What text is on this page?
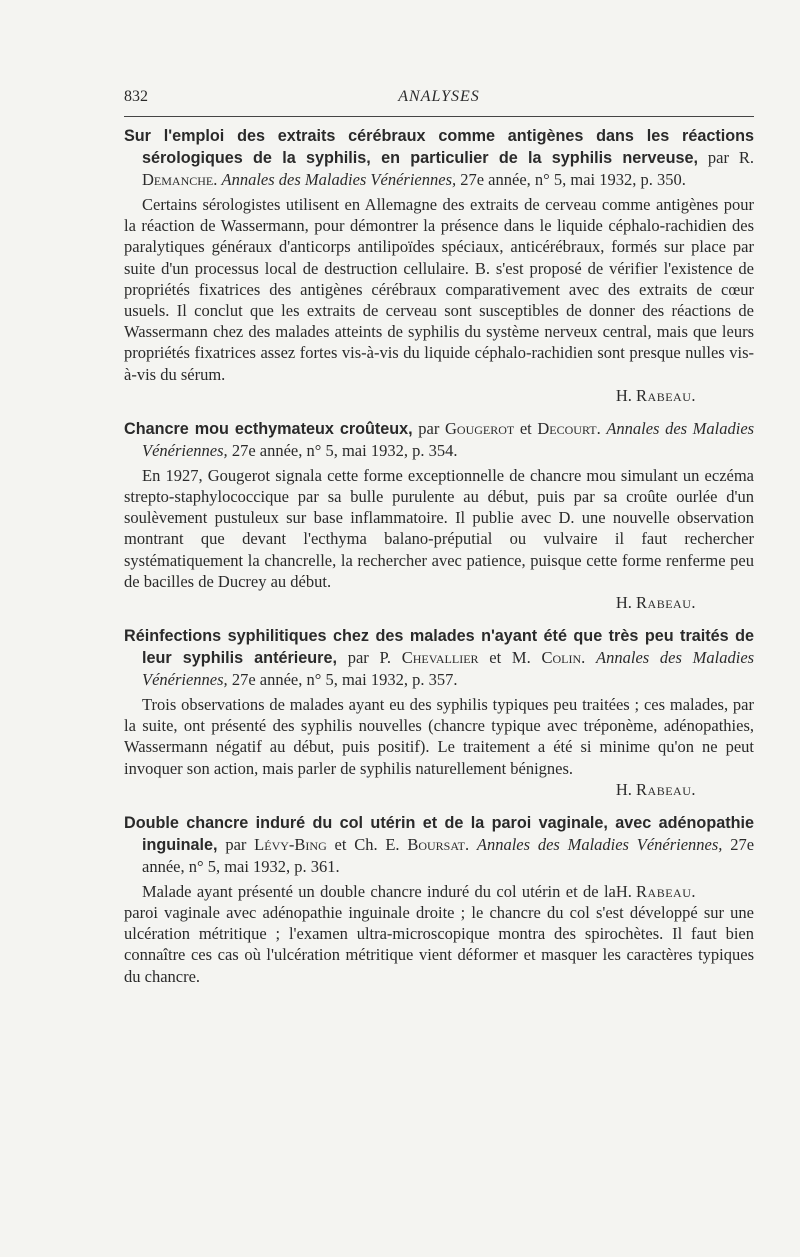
832	ANALYSES
Sur l'emploi des extraits cérébraux comme antigènes dans les réactions sérologiques de la syphilis, en particulier de la syphilis nerveuse, par R. Demanche. Annales des Maladies Vénériennes, 27e année, n° 5, mai 1932, p. 350.
Certains sérologistes utilisent en Allemagne des extraits de cerveau comme antigènes pour la réaction de Wassermann, pour démontrer la présence dans le liquide céphalo-rachidien des paralytiques généraux d'anticorps antilipoïdes spéciaux, anticérébraux, formés sur place par suite d'un processus local de destruction cellulaire. B. s'est proposé de vérifier l'existence de propriétés fixatrices des antigènes cérébraux comparativement avec des extraits de cœur usuels. Il conclut que les extraits de cerveau sont susceptibles de donner des réactions de Wassermann chez des malades atteints de syphilis du système nerveux central, mais que leurs propriétés fixatrices assez fortes vis-à-vis du liquide céphalo-rachidien sont presque nulles vis-à-vis du sérum.
H. Rabeau.
Chancre mou ecthymateux croûteux, par Gougerot et Decourt. Annales des Maladies Vénériennes, 27e année, n° 5, mai 1932, p. 354.
En 1927, Gougerot signala cette forme exceptionnelle de chancre mou simulant un eczéma strepto-staphylococcique par sa bulle purulente au début, puis par sa croûte ourlée d'un soulèvement pustuleux sur base inflammatoire. Il publie avec D. une nouvelle observation montrant que devant l'ecthyma balano-préputial ou vulvaire il faut rechercher systématiquement la chancrelle, la rechercher avec patience, puisque cette forme renferme peu de bacilles de Ducrey au début.
H. Rabeau.
Réinfections syphilitiques chez des malades n'ayant été que très peu traités de leur syphilis antérieure, par P. Chevallier et M. Colin. Annales des Maladies Vénériennes, 27e année, n° 5, mai 1932, p. 357.
Trois observations de malades ayant eu des syphilis typiques peu traitées ; ces malades, par la suite, ont présenté des syphilis nouvelles (chancre typique avec tréponème, adénopathies, Wassermann négatif au début, puis positif). Le traitement a été si minime qu'on ne peut invoquer son action, mais parler de syphilis naturellement bénignes.
H. Rabeau.
Double chancre induré du col utérin et de la paroi vaginale, avec adénopathie inguinale, par Lévy-Bing et Ch. E. Boursat. Annales des Maladies Vénériennes, 27e année, n° 5, mai 1932, p. 361.
H. Rabeau.
Malade ayant présenté un double chancre induré du col utérin et de la paroi vaginale avec adénopathie inguinale droite ; le chancre du col s'est développé sur une ulcération métritique ; l'examen ultra-microscopique montra des spirochètes. Il faut bien connaître ces cas où l'ulcération métritique vient déformer et masquer les caractères typiques du chancre.
